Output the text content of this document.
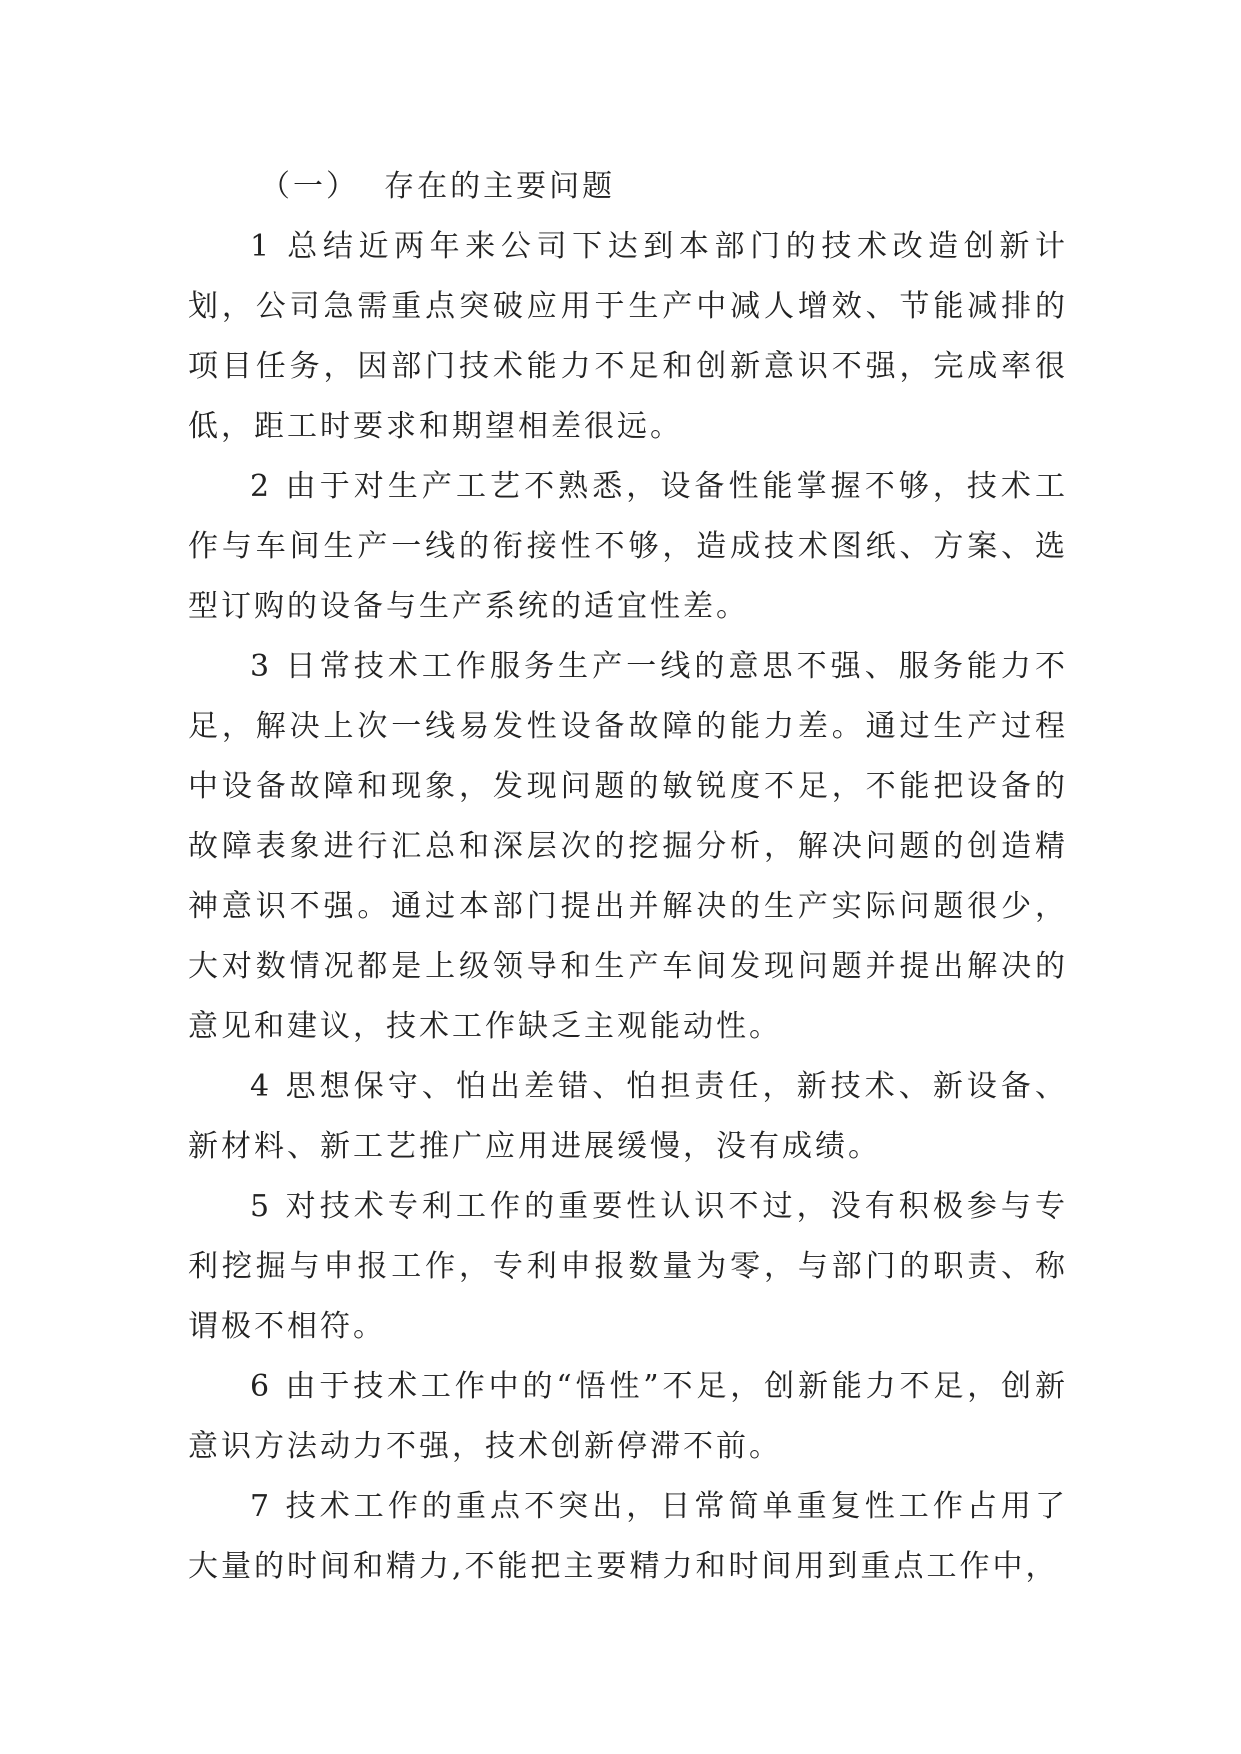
（一）  存在的主要问题

1 总结近两年来公司下达到本部门的技术改造创新计划，公司急需重点突破应用于生产中减人增效、节能减排的项目任务，因部门技术能力不足和创新意识不强，完成率很低，距工时要求和期望相差很远。

2 由于对生产工艺不熟悉，设备性能掌握不够，技术工作与车间生产一线的衔接性不够，造成技术图纸、方案、选型订购的设备与生产系统的适宜性差。

3 日常技术工作服务生产一线的意思不强、服务能力不足，解决上次一线易发性设备故障的能力差。通过生产过程中设备故障和现象，发现问题的敏锐度不足，不能把设备的故障表象进行汇总和深层次的挖掘分析，解决问题的创造精神意识不强。通过本部门提出并解决的生产实际问题很少，大对数情况都是上级领导和生产车间发现问题并提出解决的意见和建议，技术工作缺乏主观能动性。

4 思想保守、怕出差错、怕担责任，新技术、新设备、新材料、新工艺推广应用进展缓慢，没有成绩。

5 对技术专利工作的重要性认识不过，没有积极参与专利挖掘与申报工作，专利申报数量为零，与部门的职责、称谓极不相符。

6 由于技术工作中的“悟性”不足，创新能力不足，创新意识方法动力不强，技术创新停滞不前。

7 技术工作的重点不突出，日常简单重复性工作占用了大量的时间和精力,不能把主要精力和时间用到重点工作中，
